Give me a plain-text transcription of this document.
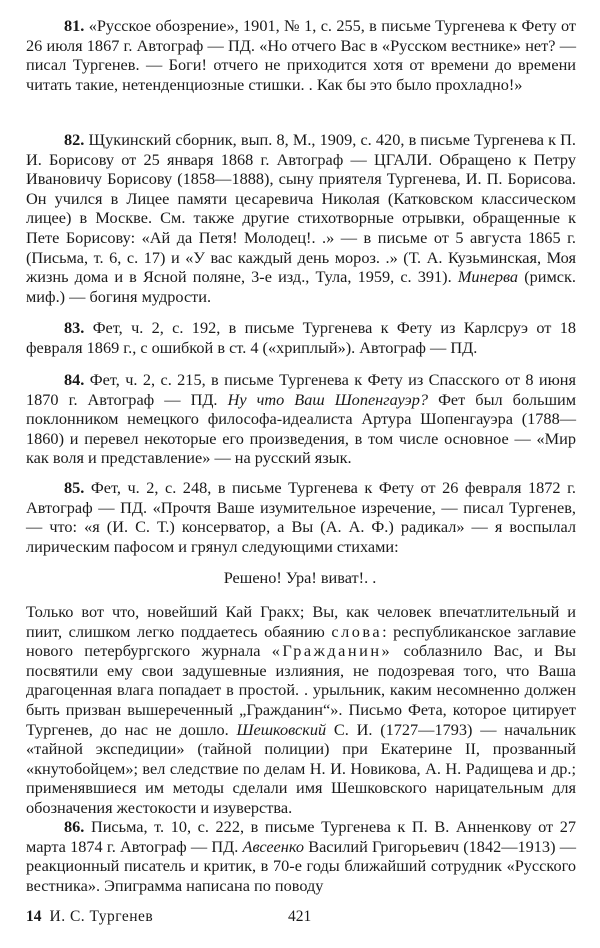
81. «Русское обозрение», 1901, № 1, с. 255, в письме Тургенева к Фету от 26 июля 1867 г. Автограф — ПД. «Но отчего Вас в «Русском вестнике» нет? — писал Тургенев. — Боги! отчего не приходится хотя от времени до времени читать такие, нетенденциозные стишки. . Как бы это было прохладно!»

82. Щукинский сборник, вып. 8, М., 1909, с. 420, в письме Тургенева к П. И. Борисову от 25 января 1868 г. Автограф — ЦГАЛИ. Обращено к Петру Ивановичу Борисову (1858—1888), сыну приятеля Тургенева, И. П. Борисова. Он учился в Лицее памяти цесаревича Николая (Катковском классическом лицее) в Москве. См. также другие стихотворные отрывки, обращенные к Пете Борисову: «Ай да Петя! Молодец!. .» — в письме от 5 августа 1865 г. (Письма, т. 6, с. 17) и «У вас каждый день мороз. .» (Т. А. Кузьминская, Моя жизнь дома и в Ясной поляне, 3-е изд., Тула, 1959, с. 391). Минерва (римск. миф.) — богиня мудрости.

83. Фет, ч. 2, с. 192, в письме Тургенева к Фету из Карлсруэ от 18 февраля 1869 г., с ошибкой в ст. 4 («хриплый»). Автограф — ПД.

84. Фет, ч. 2, с. 215, в письме Тургенева к Фету из Спасского от 8 июня 1870 г. Автограф — ПД. Ну что Ваш Шопенгауэр? Фет был большим поклонником немецкого философа-идеалиста Артура Шопенгауэра (1788—1860) и перевел некоторые его произведения, в том числе основное — «Мир как воля и представление» — на русский язык.

85. Фет, ч. 2, с. 248, в письме Тургенева к Фету от 26 февраля 1872 г. Автограф — ПД. «Прочтя Ваше изумительное изречение, — писал Тургенев, — что: «я (И. С. Т.) консерватор, а Вы (А. А. Ф.) радикал» — я воспылал лирическим пафосом и грянул следующими стихами:

Решено! Ура! виват!. .

Только вот что, новейший Кай Гракх; Вы, как человек впечатлительный и пиит, слишком легко поддаетесь обаянию слова: республиканское заглавие нового петербургского журнала «Гражданин» соблазнило Вас, и Вы посвятили ему свои задушевные излияния, не подозревая того, что Ваша драгоценная влага попадает в простой. . урыльник, каким несомненно должен быть призван вышереченный „Гражданин“». Письмо Фета, которое цитирует Тургенев, до нас не дошло. Шешковский С. И. (1727—1793) — начальник «тайной экспедиции» (тайной полиции) при Екатерине II, прозванный «кнутобойцем»; вел следствие по делам Н. И. Новикова, А. Н. Радищева и др.; применявшиеся им методы сделали имя Шешковского нарицательным для обозначения жестокости и изуверства.

86. Письма, т. 10, с. 222, в письме Тургенева к П. В. Анненкову от 27 марта 1874 г. Автограф — ПД. Авсеенко Василий Григорьевич (1842—1913) — реакционный писатель и критик, в 70-е годы ближайший сотрудник «Русского вестника». Эпиграмма написана по поводу

14 И. С. Тургенев	421
